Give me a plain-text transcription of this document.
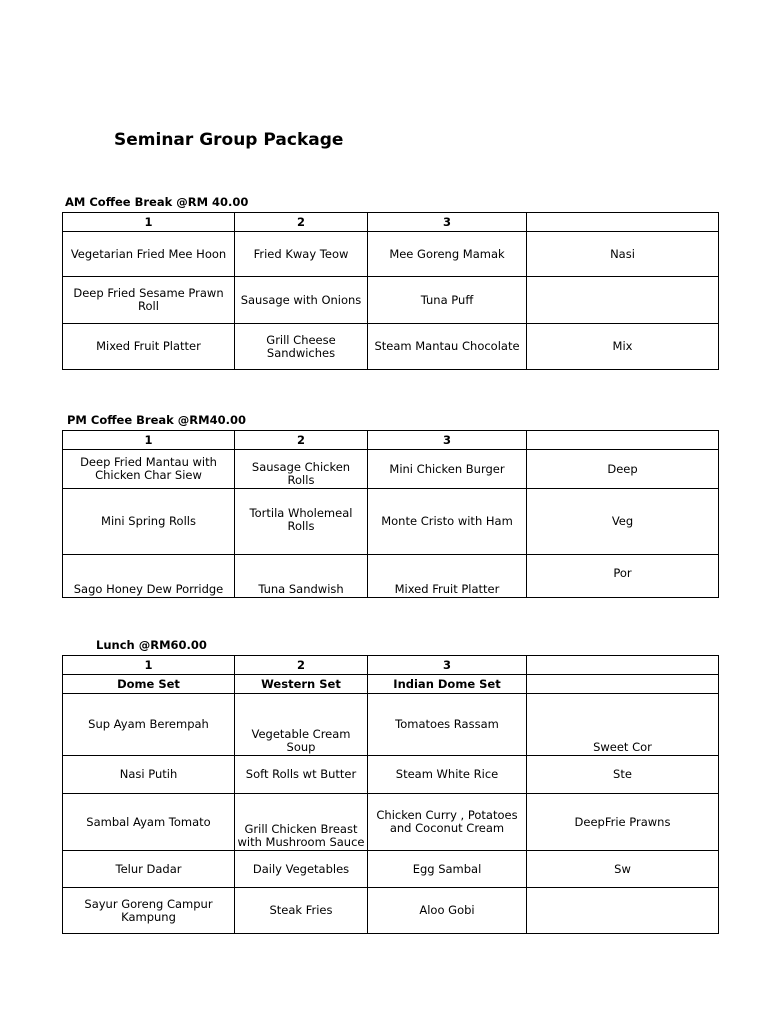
Seminar Group Package
AM Coffee Break @RM 40.00
1	2	3	
Vegetarian Fried Mee Hoon	Fried Kway Teow	Mee Goreng Mamak	Nasi
Deep Fried Sesame Prawn Roll	Sausage with Onions	Tuna Puff	
Mixed Fruit Platter	Grill Cheese Sandwiches	Steam Mantau Chocolate	Mix
PM Coffee Break @RM40.00
1	2	3	
Deep Fried Mantau with Chicken Char Siew	Sausage Chicken Rolls	Mini Chicken Burger	Deep
Mini Spring Rolls	Tortila Wholemeal Rolls	Monte Cristo with Ham	Veg
Sago Honey Dew Porridge	Tuna Sandwish	Mixed Fruit Platter	Por
Lunch @RM60.00
1	2	3	
Dome Set	Western Set	Indian Dome Set	
Sup Ayam Berempah	Vegetable Cream Soup	Tomatoes Rassam	Sweet Cor
Nasi Putih	Soft Rolls wt Butter	Steam White Rice	Ste
Sambal Ayam Tomato	Grill Chicken Breast with Mushroom Sauce	Chicken Curry , Potatoes and Coconut Cream	DeepFrie Prawns
Telur Dadar	Daily Vegetables	Egg Sambal	Sw
Sayur Goreng Campur Kampung	Steak Fries	Aloo Gobi	
